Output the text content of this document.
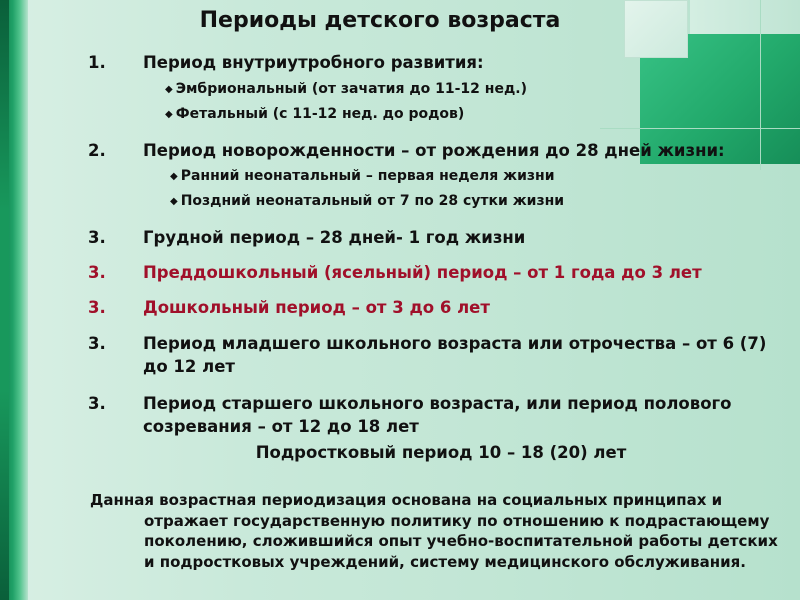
Периоды детского возраста
1.	Период внутриутробного развития:
◆ Эмбриональный (от зачатия до 11-12 нед.)
◆ Фетальный (с 11-12 нед. до родов)
2.	Период новорожденности – от рождения до 28 дней жизни:
◆ Ранний неонатальный – первая неделя жизни
◆ Поздний неонатальный от 7 по 28 сутки жизни
3.	Грудной период – 28 дней- 1 год жизни
3.	Преддошкольный (ясельный) период – от 1 года до 3 лет
3.	Дошкольный период – от 3 до 6 лет
3.	Период младшего школьного возраста или отрочества – от 6 (7) до 12 лет
3.	Период старшего школьного возраста, или период полового созревания – от 12 до 18 лет
Подростковый период 10 – 18 (20) лет
Данная возрастная периодизация основана на социальных принципах и
отражает государственную политику по отношению к подрастающему поколению, сложившийся опыт учебно-воспитательной работы детских и подростковых учреждений, систему медицинского обслуживания.
